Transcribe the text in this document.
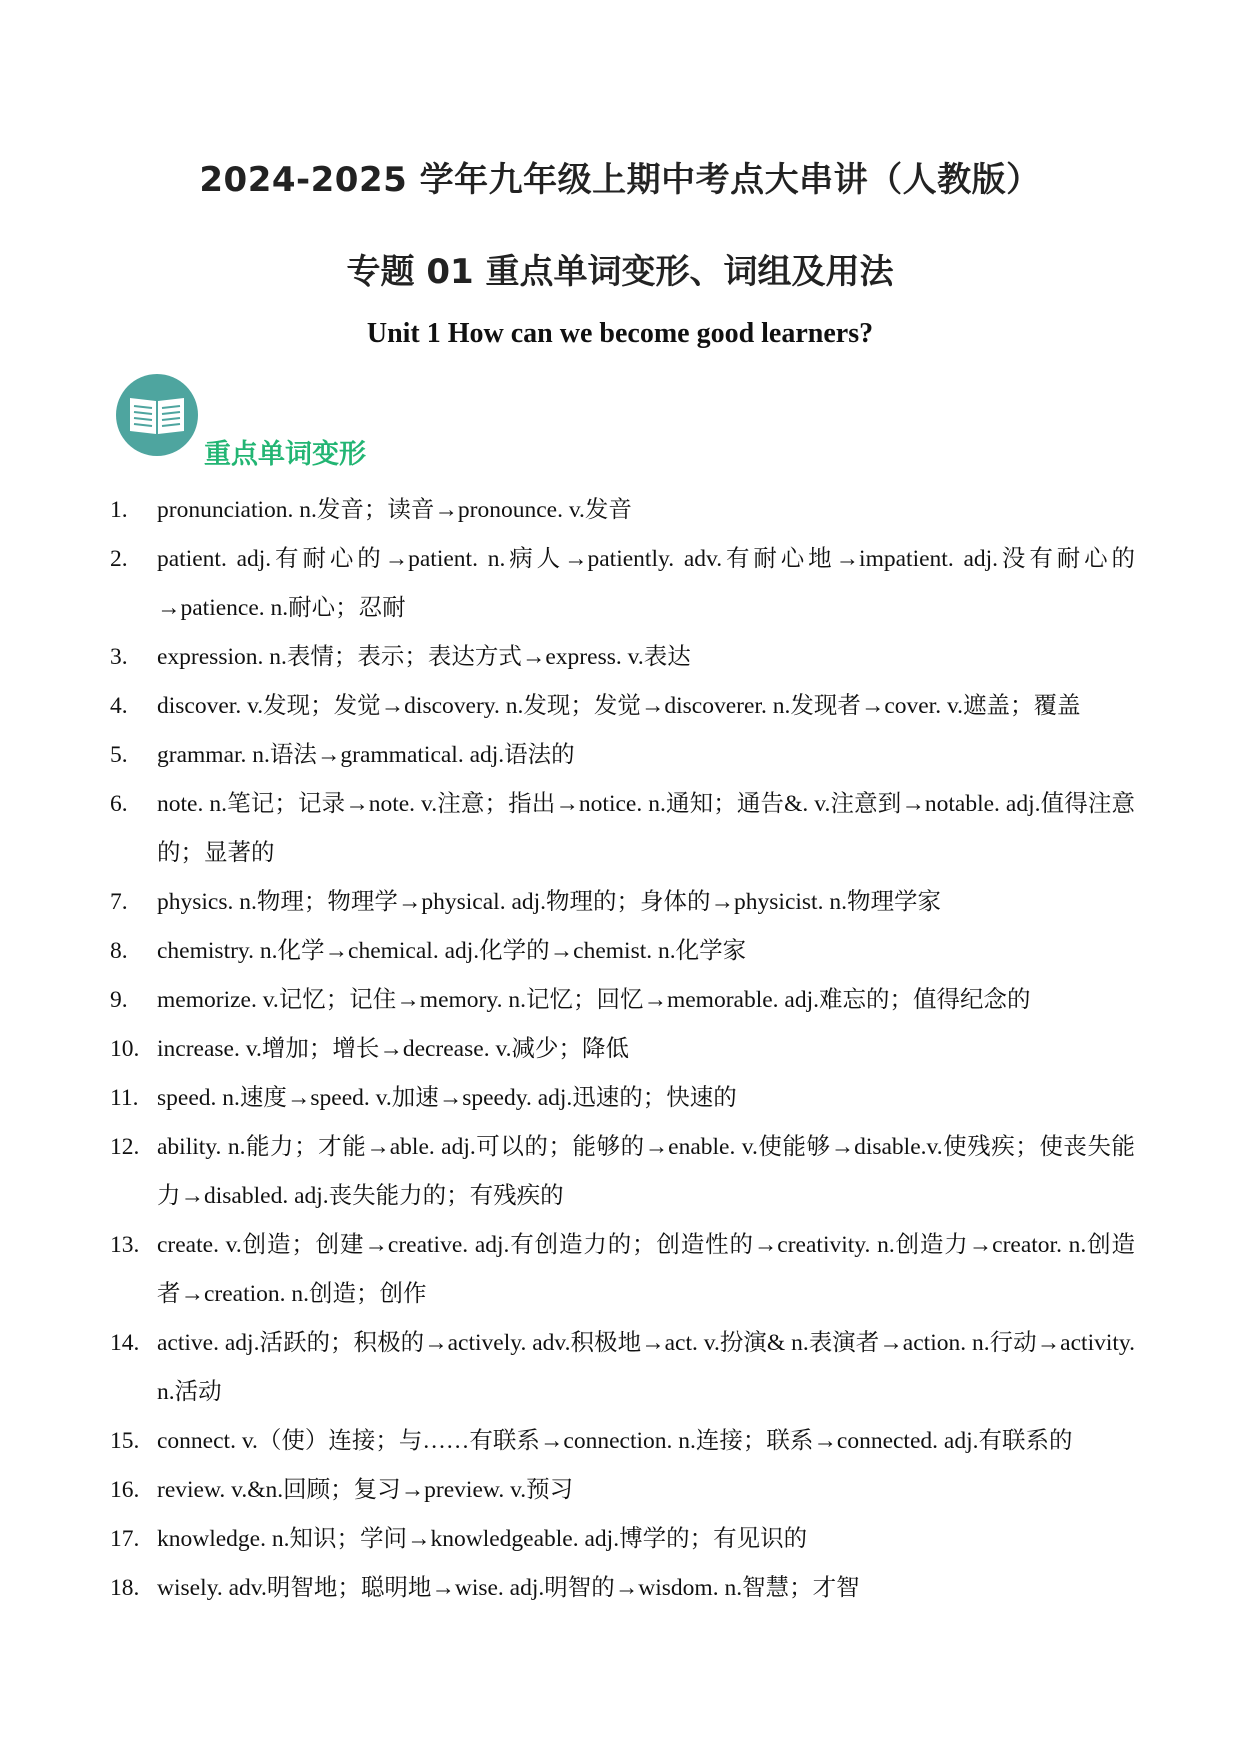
2024-2025 学年九年级上期中考点大串讲（人教版）
专题 01 重点单词变形、词组及用法
Unit 1 How can we become good learners?
重点单词变形
1.	pronunciation. n.发音；读音→pronounce. v.发音
2.	patient. adj.有耐心的→patient. n.病人→patiently. adv.有耐心地→impatient. adj.没有耐心的→patience. n.耐心；忍耐
3.	expression. n.表情；表示；表达方式→express. v.表达
4.	discover. v.发现；发觉→discovery. n.发现；发觉→discoverer. n.发现者→cover. v.遮盖；覆盖
5.	grammar. n.语法→grammatical. adj.语法的
6.	note. n.笔记；记录→note. v.注意；指出→notice. n.通知；通告&. v.注意到→notable. adj.值得注意的；显著的
7.	physics. n.物理；物理学→physical. adj.物理的；身体的→physicist. n.物理学家
8.	chemistry. n.化学→chemical. adj.化学的→chemist. n.化学家
9.	memorize. v.记忆；记住→memory. n.记忆；回忆→memorable. adj.难忘的；值得纪念的
10. increase. v.增加；增长→decrease. v.减少；降低
11. speed. n.速度→speed. v.加速→speedy. adj.迅速的；快速的
12. ability. n.能力；才能→able. adj.可以的；能够的→enable. v.使能够→disable.v.使残疾；使丧失能力→disabled. adj.丧失能力的；有残疾的
13. create. v.创造；创建→creative. adj.有创造力的；创造性的→creativity. n.创造力→creator. n.创造者→creation. n.创造；创作
14. active. adj.活跃的；积极的→actively. adv.积极地→act. v.扮演& n.表演者→action. n.行动→activity. n.活动
15. connect. v.（使）连接；与……有联系→connection. n.连接；联系→connected. adj.有联系的
16. review. v.&n.回顾；复习→preview. v.预习
17. knowledge. n.知识；学问→knowledgeable. adj.博学的；有见识的
18. wisely. adv.明智地；聪明地→wise. adj.明智的→wisdom. n.智慧；才智
